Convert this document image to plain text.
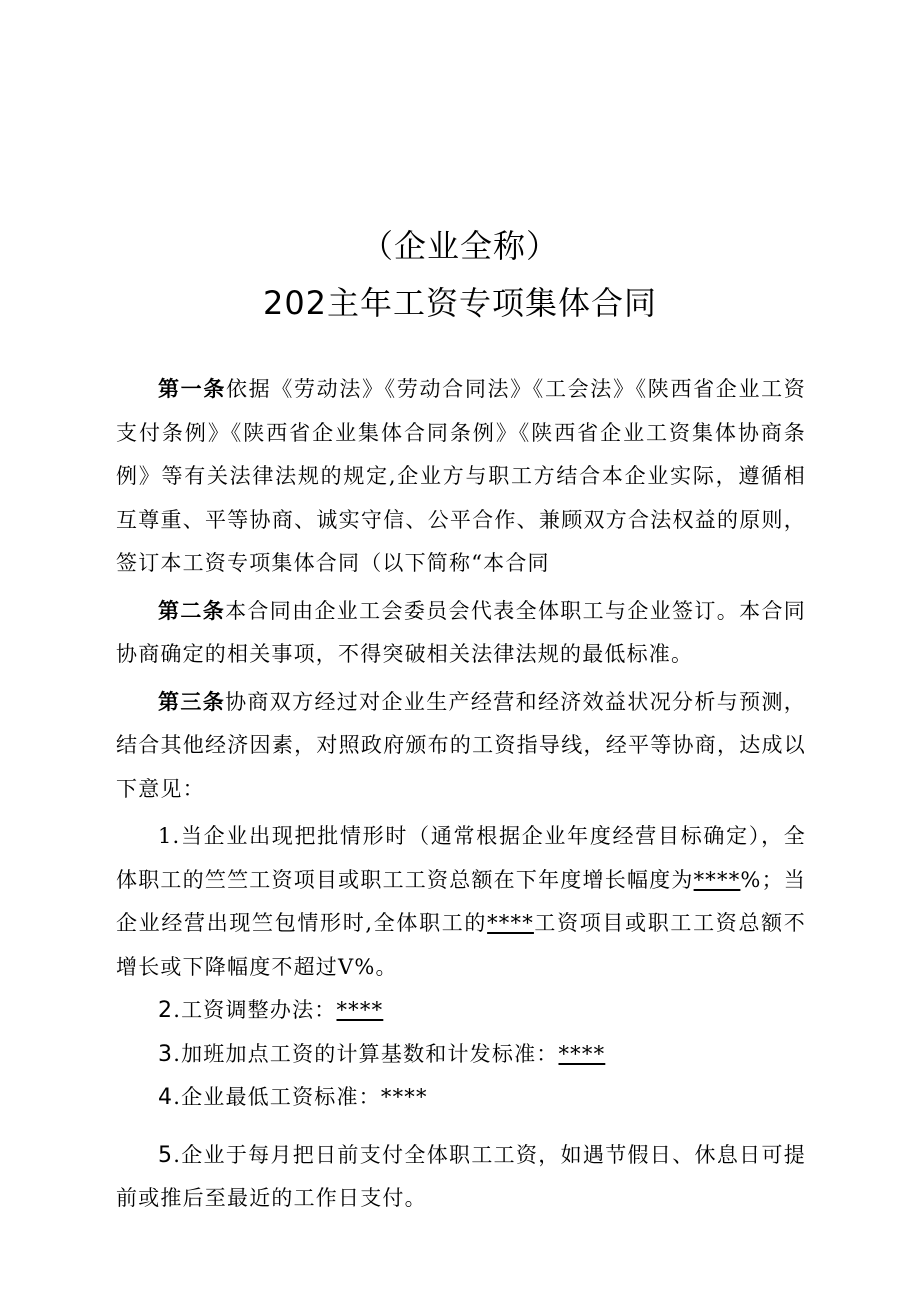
（企业全称）
202主年工资专项集体合同

第一条依据《劳动法》《劳动合同法》《工会法》《陕西省企业工资支付条例》《陕西省企业集体合同条例》《陕西省企业工资集体协商条例》等有关法律法规的规定,企业方与职工方结合本企业实际，遵循相互尊重、平等协商、诚实守信、公平合作、兼顾双方合法权益的原则，签订本工资专项集体合同（以下简称“本合同

第二条本合同由企业工会委员会代表全体职工与企业签订。本合同协商确定的相关事项，不得突破相关法律法规的最低标准。

第三条协商双方经过对企业生产经营和经济效益状况分析与预测，结合其他经济因素，对照政府颁布的工资指导线，经平等协商，达成以下意见：

1.当企业出现把批情形时（通常根据企业年度经营目标确定），全体职工的竺竺工资项目或职工工资总额在下年度增长幅度为****%；当企业经营出现竺包情形时,全体职工的****工资项目或职工工资总额不增长或下降幅度不超过V%。

2.工资调整办法：****

3.加班加点工资的计算基数和计发标准：****

4.企业最低工资标准：****

5.企业于每月把日前支付全体职工工资，如遇节假日、休息日可提前或推后至最近的工作日支付。
